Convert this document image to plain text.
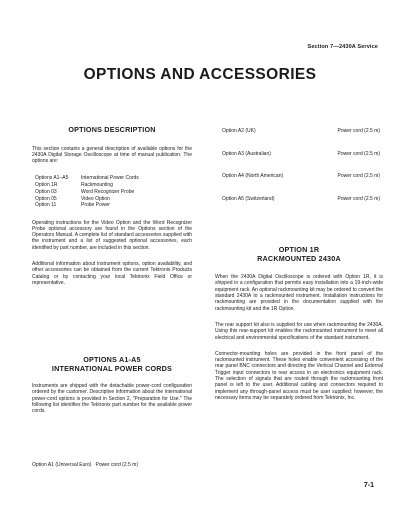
Section 7—2430A Service
OPTIONS AND ACCESSORIES
OPTIONS DESCRIPTION

This section contains a general description of available options for the 2430A Digital Storage Oscilloscope at time of manual publication. The options are:

Options A1–A5	International Power Cords
Option 1R	Rackmounting
Option 03	Word Recognizer Probe
Option 05	Video Option
Option 11	Probe Power

Operating instructions for the Video Option and the Word Recognizer Probe optional accessory are found in the Options section of the Operators Manual. A complete list of standard accessories supplied with the instrument and a list of suggested optional accessories, each identified by part number, are included in this section.

Additional information about instrument options, option availability, and other accessories can be obtained from the current Tektronix Products Catalog or by contacting your local Tektronix Field Office or representative.

OPTIONS A1-A5
INTERNATIONAL POWER CORDS

Instruments are shipped with the detachable power-cord configuration ordered by the customer. Descriptive information about the international power-cord options is provided in Section 2, "Preparation for Use." The following list identifies the Tektronix part number for the available power cords.

Option A1 (Universal Euro) Power cord (2.5 m)
Option A2 (UK)	Power cord (2.5 m)
Option A3 (Australian)	Power cord (2.5 m)
Option A4 (North American)	Power cord (2.5 m)
Option A5 (Switzerland)	Power cord (2.5 m)
OPTION 1R
RACKMOUNTED 2430A

When the 2430A Digital Oscilloscope is ordered with Option 1R, it is shipped in a configuration that permits easy installation into a 19-inch-wide equipment rack. An optional rackmounting kit may be ordered to convert the standard 2430A to a rackmounted instrument. Installation instructions for rackmounting are provided in the documentation supplied with the rackmounting kit and the 1R Option.

The rear support kit also is supplied for use when rackmounting the 2430A. Using this rear-support kit enables the rackmounted instrument to meet all electrical and environmental specifications of the standard instrument.

Connector-mounting holes are provided in the front panel of the rackmounted instrument. These holes enable convenient accessing of the rear panel BNC connectors and directing the Vertical Channel and External Trigger input connectors to rear access in an electronics equipment rack. The selection of signals that are routed through the rackmounting front panel is left to the user. Additional cabling and connectors required to implement any through-panel access must be user supplied; however, the necessary items may be separately ordered from Tektronix, Inc.

7-1
